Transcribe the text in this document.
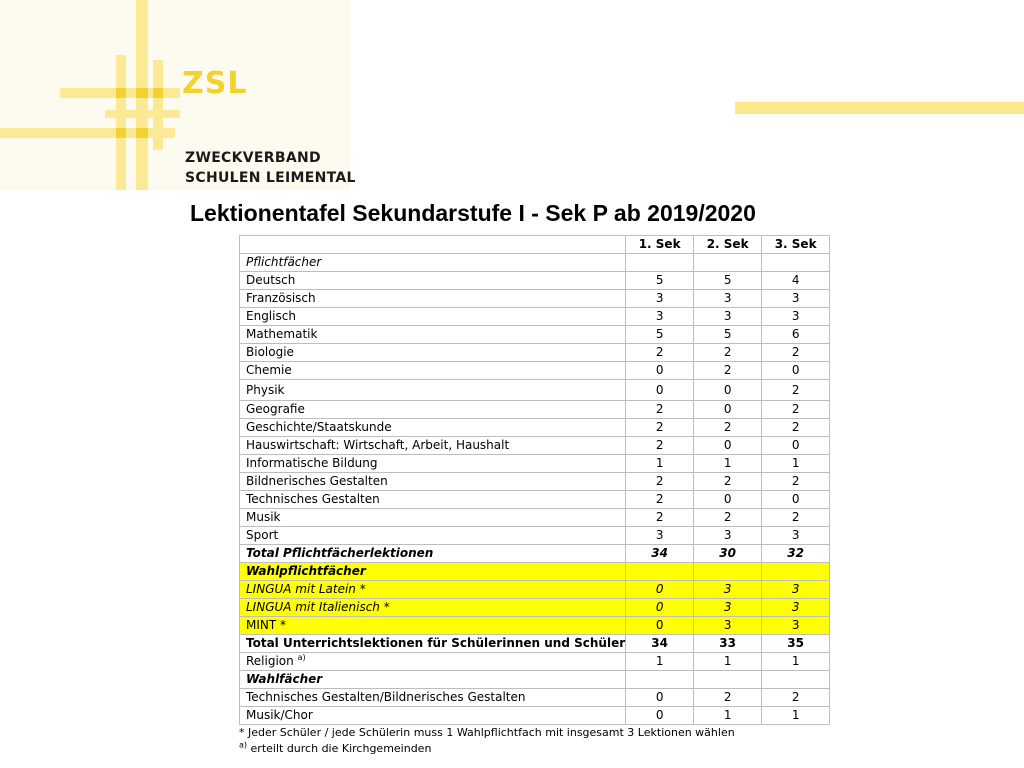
ZSL
ZWECKVERBAND
SCHULEN LEIMENTAL
Lektionentafel Sekundarstufe I - Sek P ab 2019/2020
	1. Sek	2. Sek	3. Sek
Pflichtfächer			
Deutsch	5	5	4
Französisch	3	3	3
Englisch	3	3	3
Mathematik	5	5	6
Biologie	2	2	2
Chemie	0	2	0
Physik	0	0	2
Geografie	2	0	2
Geschichte/Staatskunde	2	2	2
Hauswirtschaft: Wirtschaft, Arbeit, Haushalt	2	0	0
Informatische Bildung	1	1	1
Bildnerisches Gestalten	2	2	2
Technisches Gestalten	2	0	0
Musik	2	2	2
Sport	3	3	3
Total Pflichtfächerlektionen	34	30	32
Wahlpflichtfächer			
LINGUA mit Latein *	0	3	3
LINGUA mit Italienisch *	0	3	3
MINT *	0	3	3
Total Unterrichtslektionen für Schülerinnen und Schüler	34	33	35
Religion $^{a)}$	1	1	1
Wahlfächer			
Technisches Gestalten/Bildnerisches Gestalten	0	2	2
Musik/Chor	0	1	1
* Jeder Schüler / jede Schülerin muss 1 Wahlpflichtfach mit insgesamt 3 Lektionen wählen
$^{a)}$ erteilt durch die Kirchgemeinden
